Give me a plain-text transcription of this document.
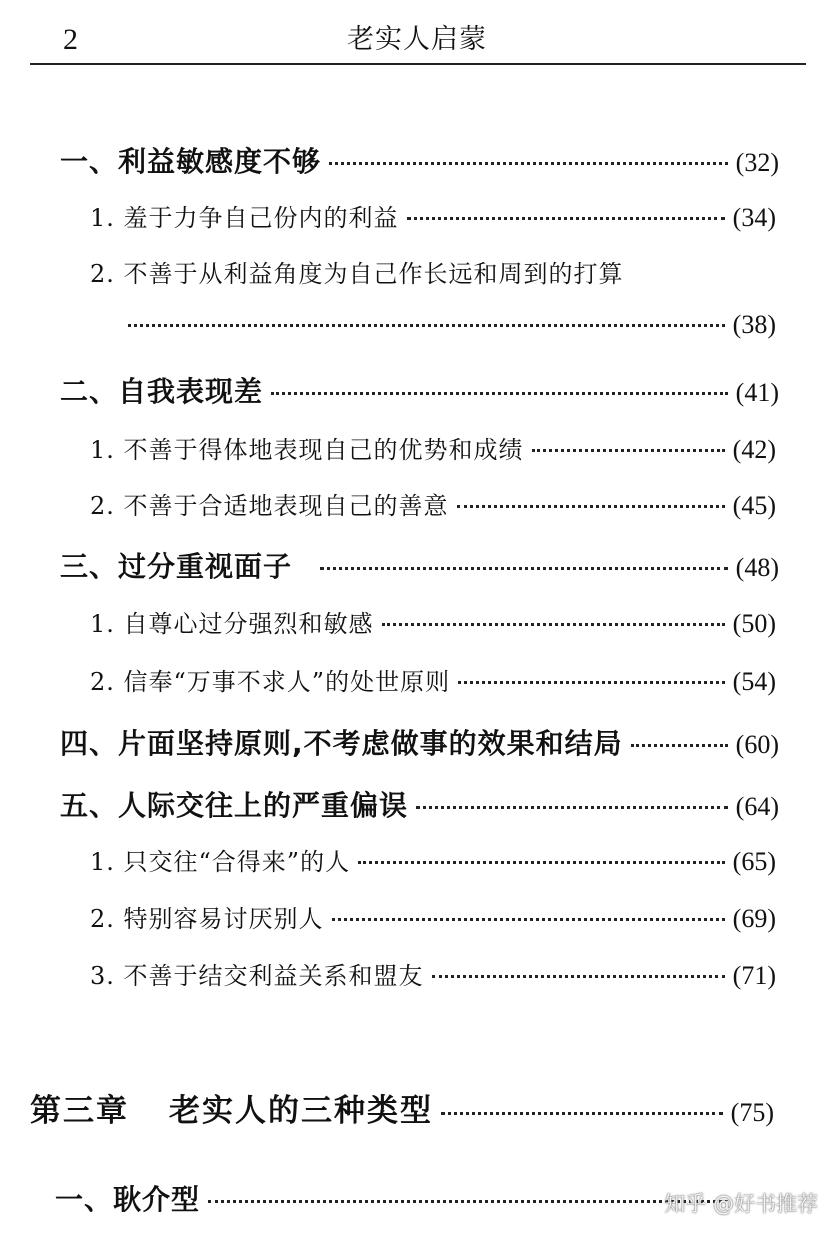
2	老实人启蒙
一、利益敏感度不够	(32)
1. 羞于力争自己份内的利益	(34)
2. 不善于从利益角度为自己作长远和周到的打算
(38)
二、自我表现差	(41)
1. 不善于得体地表现自己的优势和成绩	(42)
2. 不善于合适地表现自己的善意	(45)
三、过分重视面子	(48)
1. 自尊心过分强烈和敏感	(50)
2. 信奉“万事不求人”的处世原则	(54)
四、片面坚持原则,不考虑做事的效果和结局	(60)
五、人际交往上的严重偏误	(64)
1. 只交往“合得来”的人	(65)
2. 特别容易讨厌别人	(69)
3. 不善于结交利益关系和盟友	(71)
第三章 老实人的三种类型	(75)
一、耿介型	知乎 @好书推荐
